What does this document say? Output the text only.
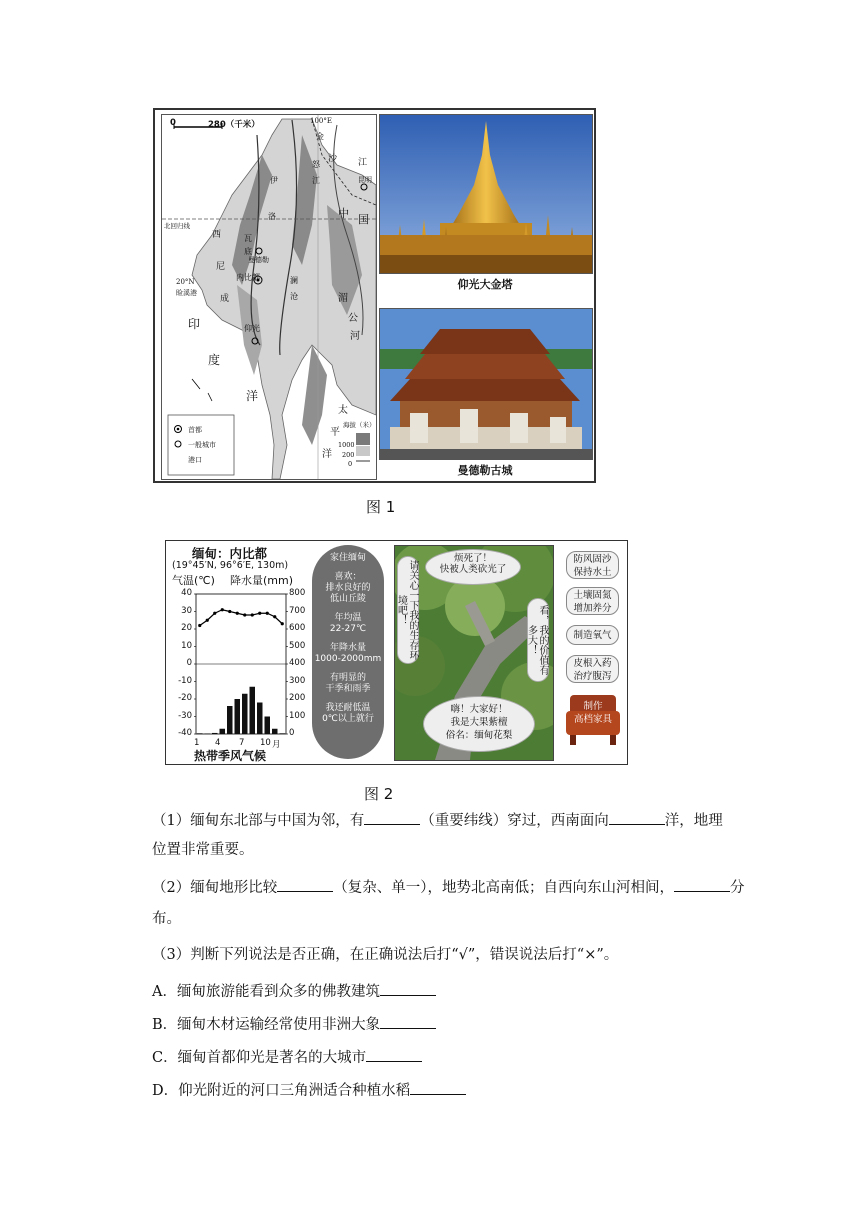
0	280（千米）	100°E
北回归线
20°N
睑溪港
内比都
曼德勒
仰光
昆明
金
沙 江
怒
江
中 国
伊
洛
瓦
底
西
尼
成
澜
沧	湄
公
河
印
度
洋
太
平
洋
首都
一般城市
港口
海拔（米）
1000
200
0
仰光大金塔
曼德勒古城
图 1
缅甸：内比都
(19°45′N, 96°6′E, 130m)
气温(℃) 降水量(mm)
40
30
20
10
0
-10
-20
-30
-40
800
700
600
500
400
300
200
100
0
1 4 7 10 月
热带季风气候
家住缅甸
喜欢：
排水良好的
低山丘陵
年均温
22-27℃
年降水量
1000-2000mm
有明显的
干季和雨季
我还耐低温
0℃以上就行
烦死了！
快被人类砍光了
请关心一下我的生存环境吧！	看，我的价值有多大！
嗨！大家好！
我是大果紫檀
俗名：缅甸花梨
防风固沙
保持水土
土壤固氮
增加养分
制造氧气
皮根入药
治疗腹泻
制作
高档家具
图 2
（1）缅甸东北部与中国为邻，有	（重要纬线）穿过，西南面向	洋，地理
位置非常重要。
（2）缅甸地形比较	（复杂、单一），地势北高南低；自西向东山河相间，	分
布。
（3）判断下列说法是否正确，在正确说法后打“√”，错误说法后打“×”。
A．缅甸旅游能看到众多的佛教建筑
B．缅甸木材运输经常使用非洲大象
C．缅甸首都仰光是著名的大城市
D．仰光附近的河口三角洲适合种植水稻
